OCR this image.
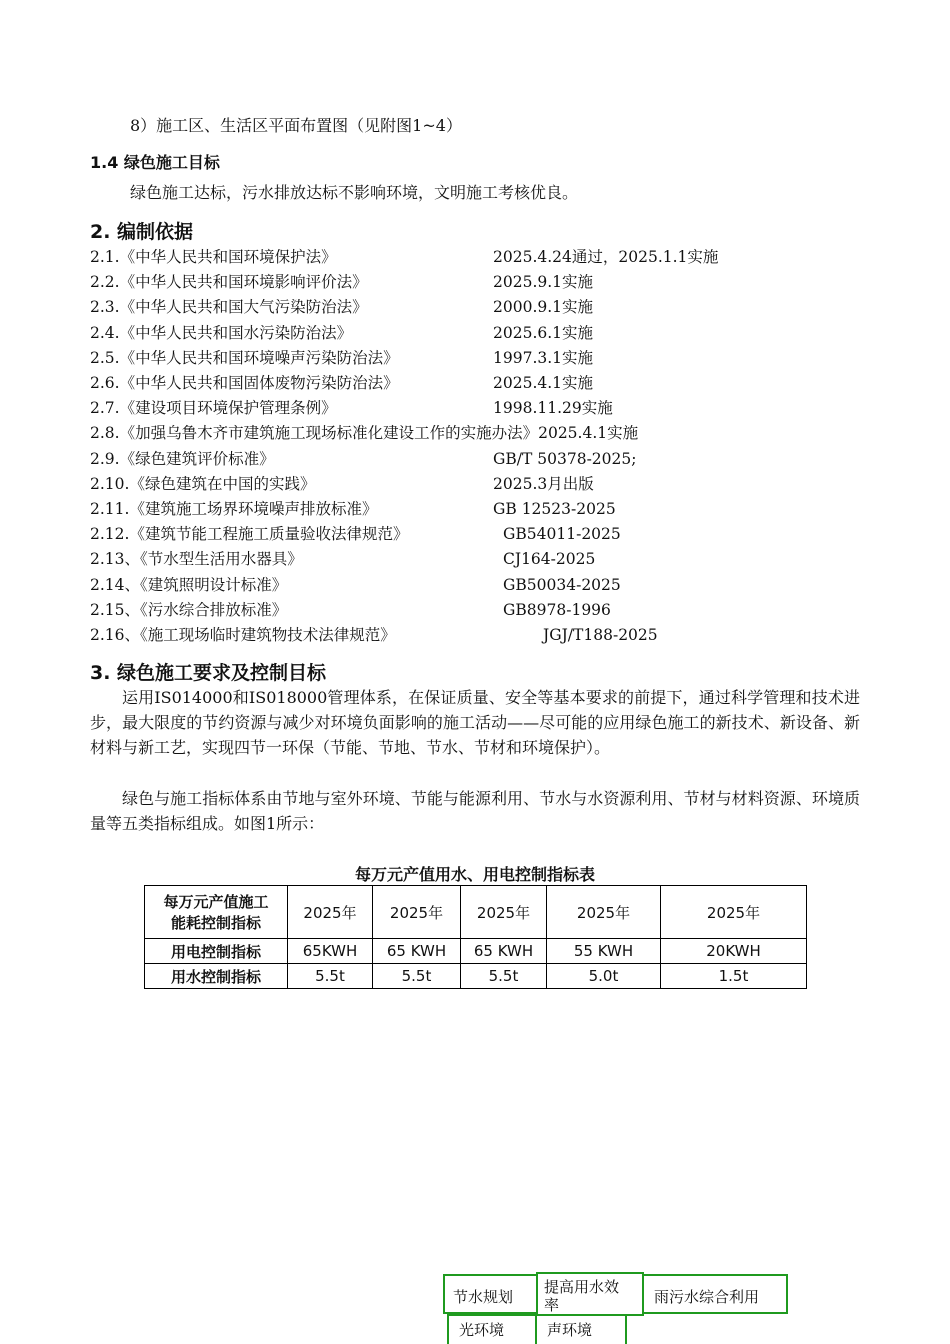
8）施工区、生活区平面布置图（见附图1~4）
1.4 绿色施工目标
绿色施工达标，污水排放达标不影响环境，文明施工考核优良。
2. 编制依据
2.1.《中华人民共和国环境保护法》	2025.4.24通过，2025.1.1实施
2.2.《中华人民共和国环境影响评价法》	2025.9.1实施
2.3.《中华人民共和国大气污染防治法》	2000.9.1实施
2.4.《中华人民共和国水污染防治法》	2025.6.1实施
2.5.《中华人民共和国环境噪声污染防治法》	1997.3.1实施
2.6.《中华人民共和国固体废物污染防治法》	2025.4.1实施
2.7.《建设项目环境保护管理条例》	1998.11.29实施
2.8.《加强乌鲁木齐市建筑施工现场标准化建设工作的实施办法》2025.4.1实施
2.9.《绿色建筑评价标准》	GB/T 50378-2025;
2.10.《绿色建筑在中国的实践》	2025.3月出版
2.11.《建筑施工场界环境噪声排放标准》	GB 12523-2025
2.12.《建筑节能工程施工质量验收法律规范》	GB54011-2025
2.13、《节水型生活用水器具》	CJ164-2025
2.14、《建筑照明设计标准》	GB50034-2025
2.15、《污水综合排放标准》	GB8978-1996
2.16、《施工现场临时建筑物技术法律规范》	JGJ/T188-2025
3. 绿色施工要求及控制目标
运用IS014000和IS018000管理体系，在保证质量、安全等基本要求的前提下，通过科学管理和技术进步，最大限度的节约资源与减少对环境负面影响的施工活动——尽可能的应用绿色施工的新技术、新设备、新材料与新工艺，实现四节一环保（节能、节地、节水、节材和环境保护）。
绿色与施工指标体系由节地与室外环境、节能与能源利用、节水与水资源利用、节材与材料资源、环境质量等五类指标组成。如图1所示：
每万元产值用水、用电控制指标表
每万元产值施工
能耗控制指标	2025年	2025年	2025年	2025年	2025年
用电控制指标	65KWH	65 KWH	65 KWH	55 KWH	20KWH
用水控制指标	5.5t	5.5t	5.5t	5.0t	1.5t
节水规划
提高用水效
率	雨污水综合利用
光环境	声环境
